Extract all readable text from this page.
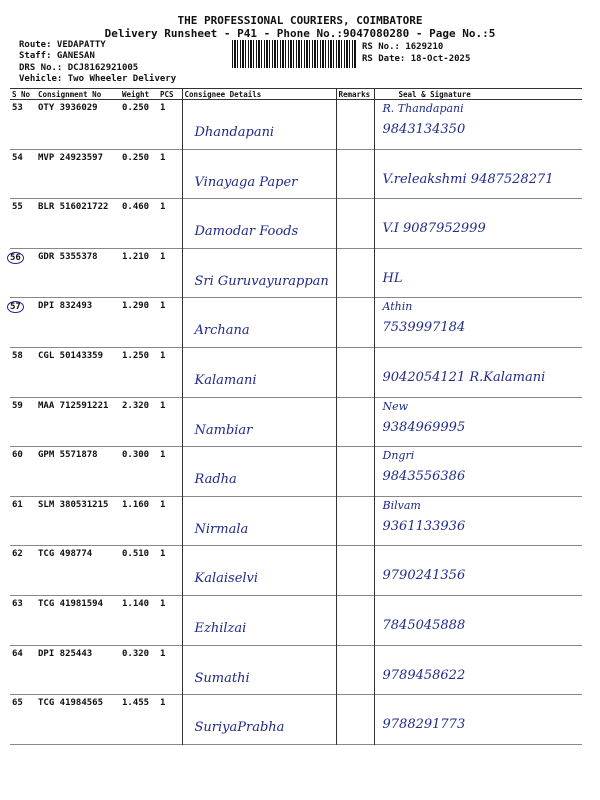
THE PROFESSIONAL COURIERS, COIMBATORE
Delivery Runsheet - P41 - Phone No.:9047080280 - Page No.:5
Route: VEDAPATTY
Staff: GANESAN
DRS No.: DCJ8162921005
Vehicle: Two Wheeler Delivery
RS No.: 1629210
RS Date: 18-Oct-2025
S No	Consignment No	Weight	PCS	Consignee Details	Remarks	Seal & Signature
53	OTY 3936029	0.250	1	Dhandapani		R. Thandapani
9843134350

54	MVP 24923597	0.250	1	Vinayaga Paper		V.releakshmi 9487528271

55	BLR 516021722	0.460	1	Damodar Foods		V.I 9087952999

56	GDR 5355378	1.210	1	Sri Guruvayurappan		HL

57	DPI 832493	1.290	1	Archana		Athin
7539997184

58	CGL 50143359	1.250	1	Kalamani		9042054121 R.Kalamani

59	MAA 712591221	2.320	1	Nambiar		New
9384969995

60	GPM 5571878	0.300	1	Radha		Dngri
9843556386

61	SLM 380531215	1.160	1	Nirmala		Bilvam
9361133936

62	TCG 498774	0.510	1	Kalaiselvi		9790241356

63	TCG 41981594	1.140	1	Ezhilzai		7845045888

64	DPI 825443	0.320	1	Sumathi		9789458622

65	TCG 41984565	1.455	1	SuriyaPrabha		9788291773
